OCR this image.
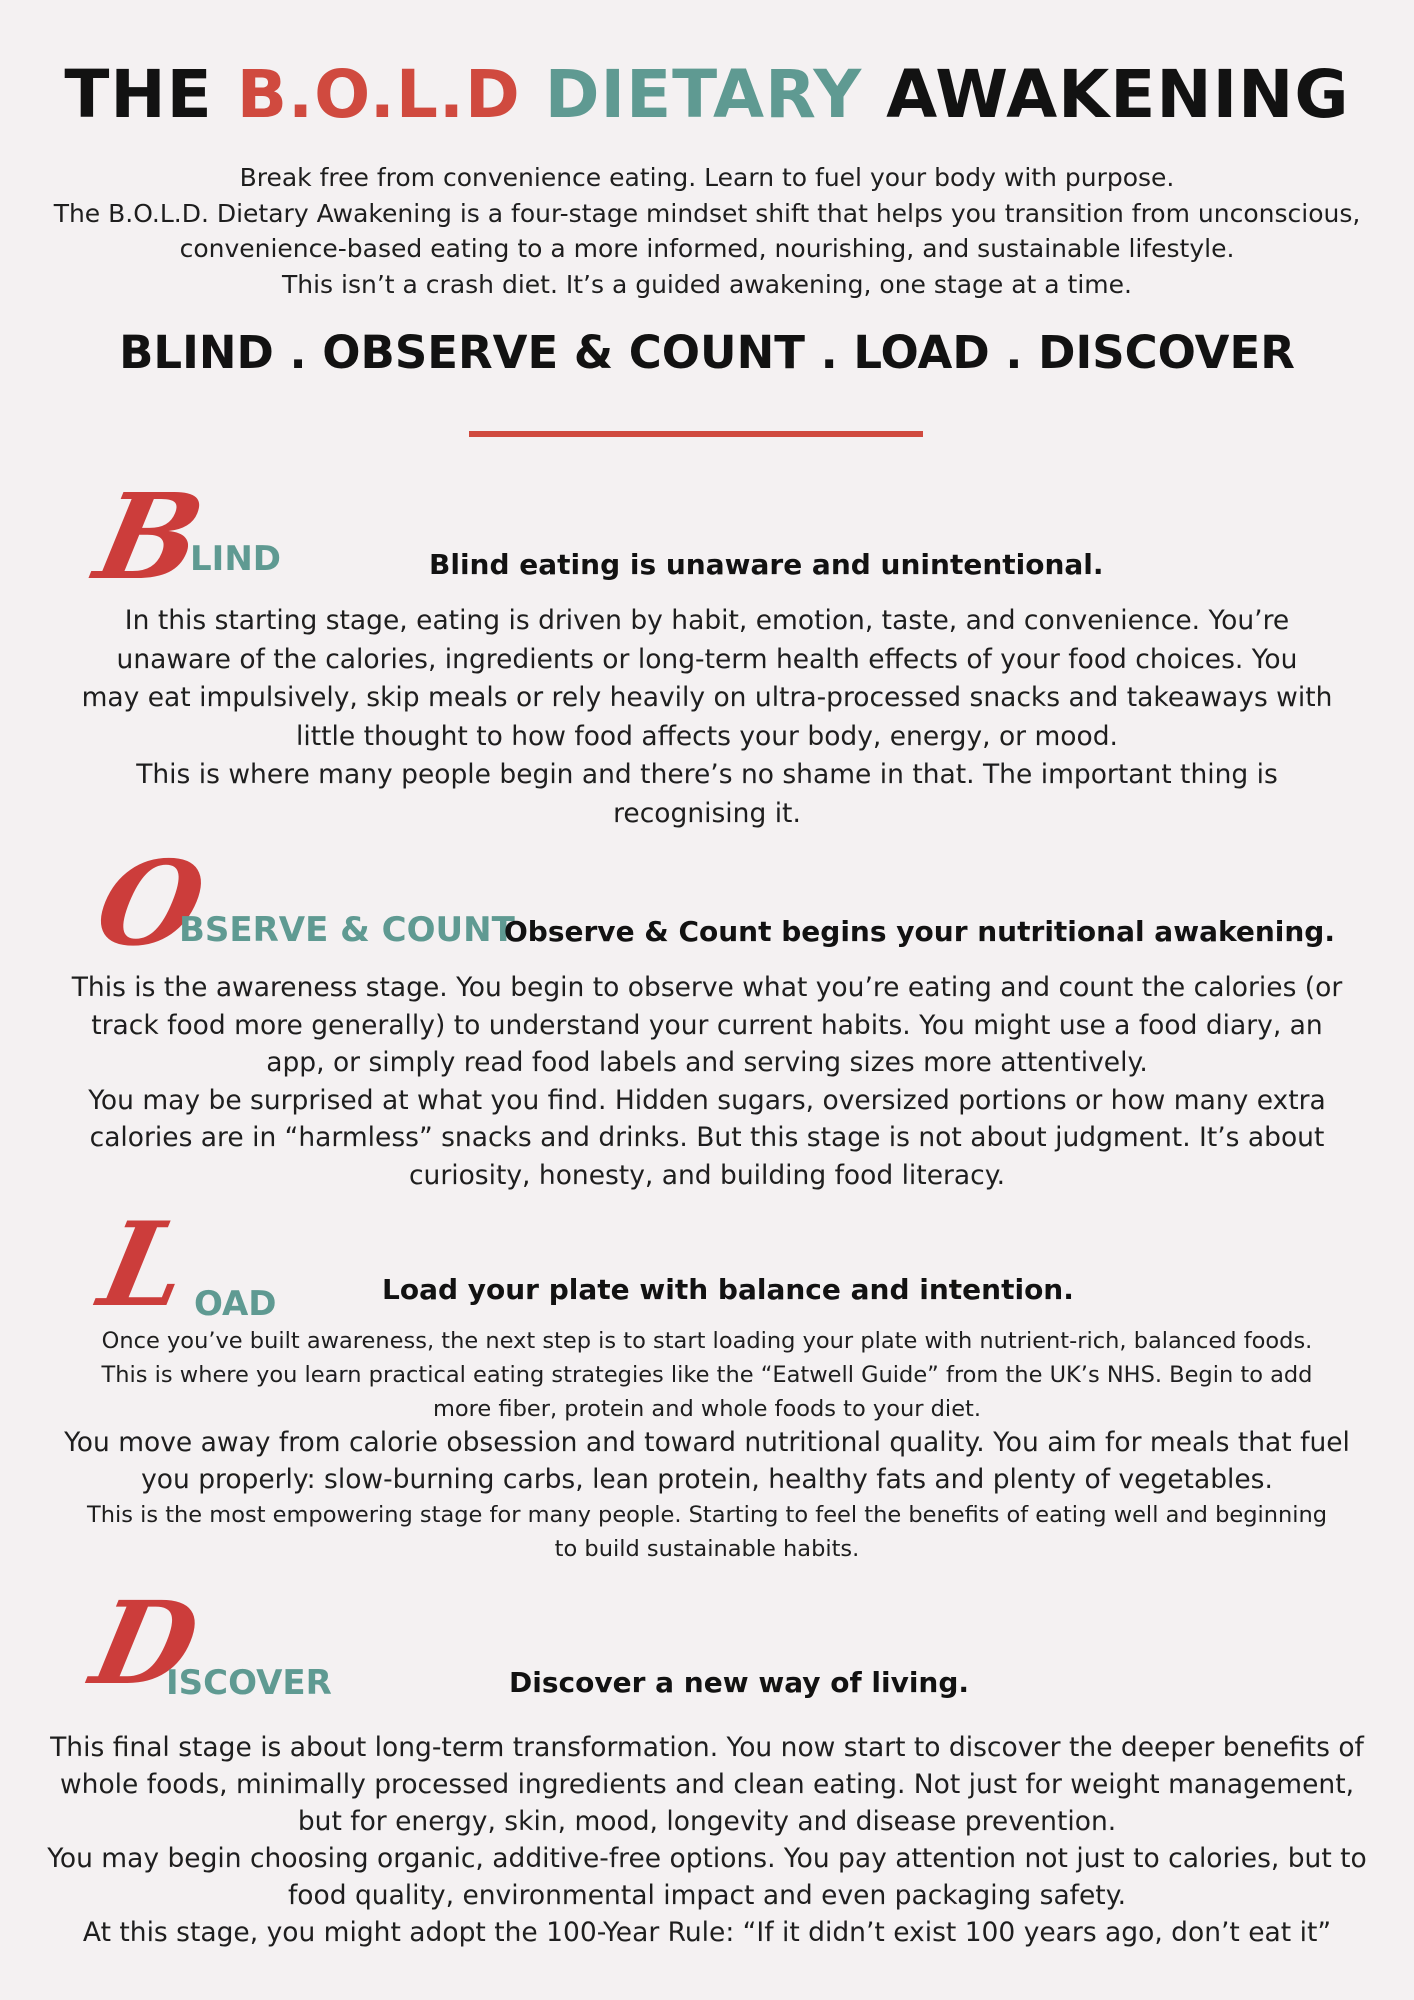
THE B.O.L.D DIETARY AWAKENING
Break free from convenience eating. Learn to fuel your body with purpose.
The B.O.L.D. Dietary Awakening is a four-stage mindset shift that helps you transition from unconscious,
convenience-based eating to a more informed, nourishing, and sustainable lifestyle.
This isn’t a crash diet. It’s a guided awakening, one stage at a time.
BLIND . OBSERVE & COUNT . LOAD . DISCOVER
B
LIND	Blind eating is unaware and unintentional.
In this starting stage, eating is driven by habit, emotion, taste, and convenience. You’re
unaware of the calories, ingredients or long-term health effects of your food choices. You
may eat impulsively, skip meals or rely heavily on ultra-processed snacks and takeaways with
little thought to how food affects your body, energy, or mood.
This is where many people begin and there’s no shame in that. The important thing is
recognising it.
O
BSERVE & COUNT
Observe & Count begins your nutritional awakening.
This is the awareness stage. You begin to observe what you’re eating and count the calories (or
track food more generally) to understand your current habits. You might use a food diary, an
app, or simply read food labels and serving sizes more attentively.
You may be surprised at what you find. Hidden sugars, oversized portions or how many extra
calories are in “harmless” snacks and drinks. But this stage is not about judgment. It’s about
curiosity, honesty, and building food literacy.
L
OAD	Load your plate with balance and intention.
Once you’ve built awareness, the next step is to start loading your plate with nutrient-rich, balanced foods.
This is where you learn practical eating strategies like the “Eatwell Guide” from the UK’s NHS. Begin to add
more fiber, protein and whole foods to your diet.
You move away from calorie obsession and toward nutritional quality. You aim for meals that fuel
you properly: slow-burning carbs, lean protein, healthy fats and plenty of vegetables.
This is the most empowering stage for many people. Starting to feel the benefits of eating well and beginning
to build sustainable habits.
D
ISCOVER	Discover a new way of living.
This final stage is about long-term transformation. You now start to discover the deeper benefits of
whole foods, minimally processed ingredients and clean eating. Not just for weight management,
but for energy, skin, mood, longevity and disease prevention.
You may begin choosing organic, additive-free options. You pay attention not just to calories, but to
food quality, environmental impact and even packaging safety.
At this stage, you might adopt the 100-Year Rule: “If it didn’t exist 100 years ago, don’t eat it”
